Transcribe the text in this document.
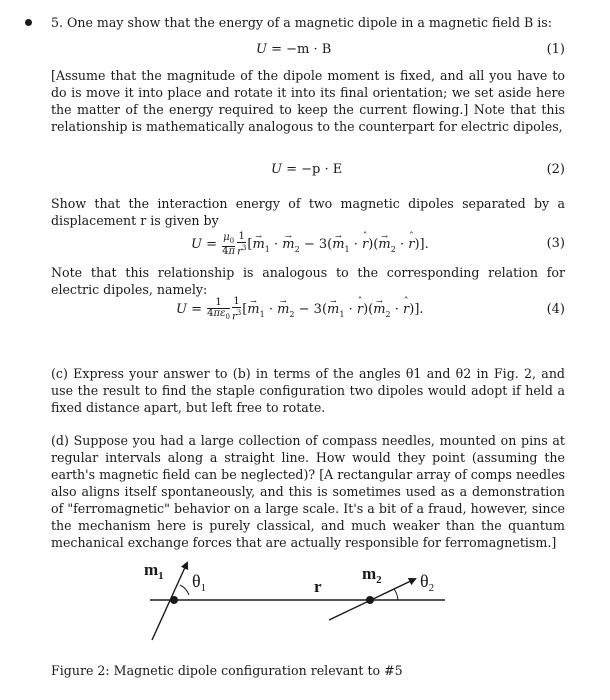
5. One may show that the energy of a magnetic dipole in a magnetic field B is:

U = −m · B	(1)

[Assume that the magnitude of the dipole moment is fixed, and all you have to do is move it into place and rotate it into its final orientation; we set aside here the matter of the energy required to keep the current flowing.] Note that this relationship is mathematically analogous to the counterpart for electric dipoles,

U = −p · E	(2)

Show that the interaction energy of two magnetic dipoles separated by a displacement r is given by

$U = \frac{\mu_0}{4\pi} \frac{1}{r^3} [m \to_1 \cdot m \to_2 - 3(m \to_1 \cdot r$ ˆ)(m $\to_2 \cdot r$ ˆ)].	(3)

Note that this relationship is analogous to the corresponding relation for electric dipoles, namely:

$U = \frac{1}{4\pi\varepsilon_0} \frac{1}{r^3} [m \to_1 \cdot m \to_2 - 3(m \to_1 \cdot r$ ˆ)(m $\to_2 \cdot r$ ˆ)].	(4)

(c) Express your answer to (b) in terms of the angles θ1 and θ2 in Fig. 2, and use the result to find the staple configuration two dipoles would adopt if held a fixed distance apart, but left free to rotate.

(d) Suppose you had a large collection of compass needles, mounted on pins at regular intervals along a straight line. How would they point (assuming the earth's magnetic field can be neglected)? [A rectangular array of comps needles also aligns itself spontaneously, and this is sometimes used as a demonstration of "ferromagnetic" behavior on a large scale. It's a bit of a fraud, however, since the mechanism here is purely classical, and much weaker than the quantum mechanical exchange forces that are actually responsible for ferromagnetism.]

$m_1$ $\theta_1$	r
$m_2$ $\theta_2$
Figure 2: Magnetic dipole configuration relevant to #5
